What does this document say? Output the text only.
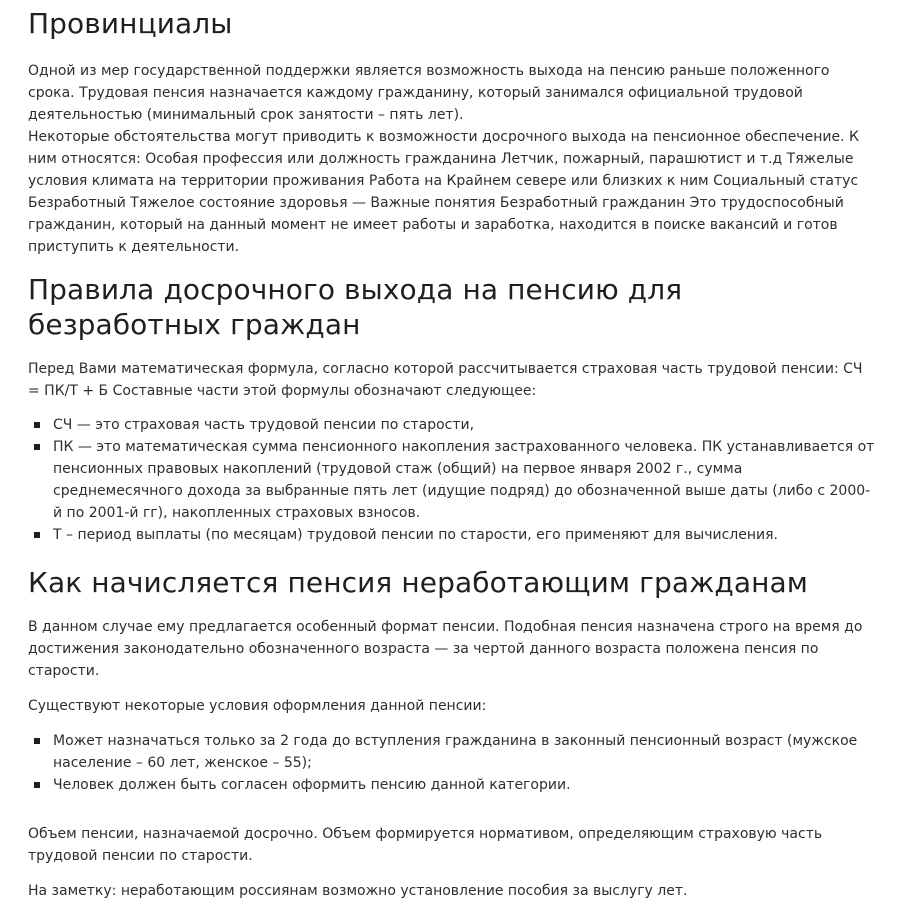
Провинциалы

Одной из мер государственной поддержки является возможность выхода на пенсию раньше положенного срока. Трудовая пенсия назначается каждому гражданину, который занимался официальной трудовой деятельностью (минимальный срок занятости – пять лет).

Некоторые обстоятельства могут приводить к возможности досрочного выхода на пенсионное обеспечение. К ним относятся: Особая профессия или должность гражданина Летчик, пожарный, парашютист и т.д Тяжелые условия климата на территории проживания Работа на Крайнем севере или близких к ним Социальный статус Безработный Тяжелое состояние здоровья — Важные понятия Безработный гражданин Это трудоспособный гражданин, который на данный момент не имеет работы и заработка, находится в поиске вакансий и готов приступить к деятельности.

Правила досрочного выхода на пенсию для безработных граждан

Перед Вами математическая формула, согласно которой рассчитывается страховая часть трудовой пенсии: СЧ = ПК/Т + Б Составные части этой формулы обозначают следующее:

СЧ — это страховая часть трудовой пенсии по старости,
ПК — это математическая сумма пенсионного накопления застрахованного человека. ПК устанавливается от пенсионных правовых накоплений (трудовой стаж (общий) на первое января 2002 г., сумма среднемесячного дохода за выбранные пять лет (идущие подряд) до обозначенной выше даты (либо с 2000-й по 2001-й гг), накопленных страховых взносов.
Т – период выплаты (по месяцам) трудовой пенсии по старости, его применяют для вычисления.
Как начисляется пенсия неработающим гражданам

В данном случае ему предлагается особенный формат пенсии. Подобная пенсия назначена строго на время до достижения законодательно обозначенного возраста — за чертой данного возраста положена пенсия по старости.

Существуют некоторые условия оформления данной пенсии:

Может назначаться только за 2 года до вступления гражданина в законный пенсионный возраст (мужское население – 60 лет, женское – 55);
Человек должен быть согласен оформить пенсию данной категории.

Объем пенсии, назначаемой досрочно. Объем формируется нормативом, определяющим страховую часть трудовой пенсии по старости.

На заметку: неработающим россиянам возможно установление пособия за выслугу лет.
